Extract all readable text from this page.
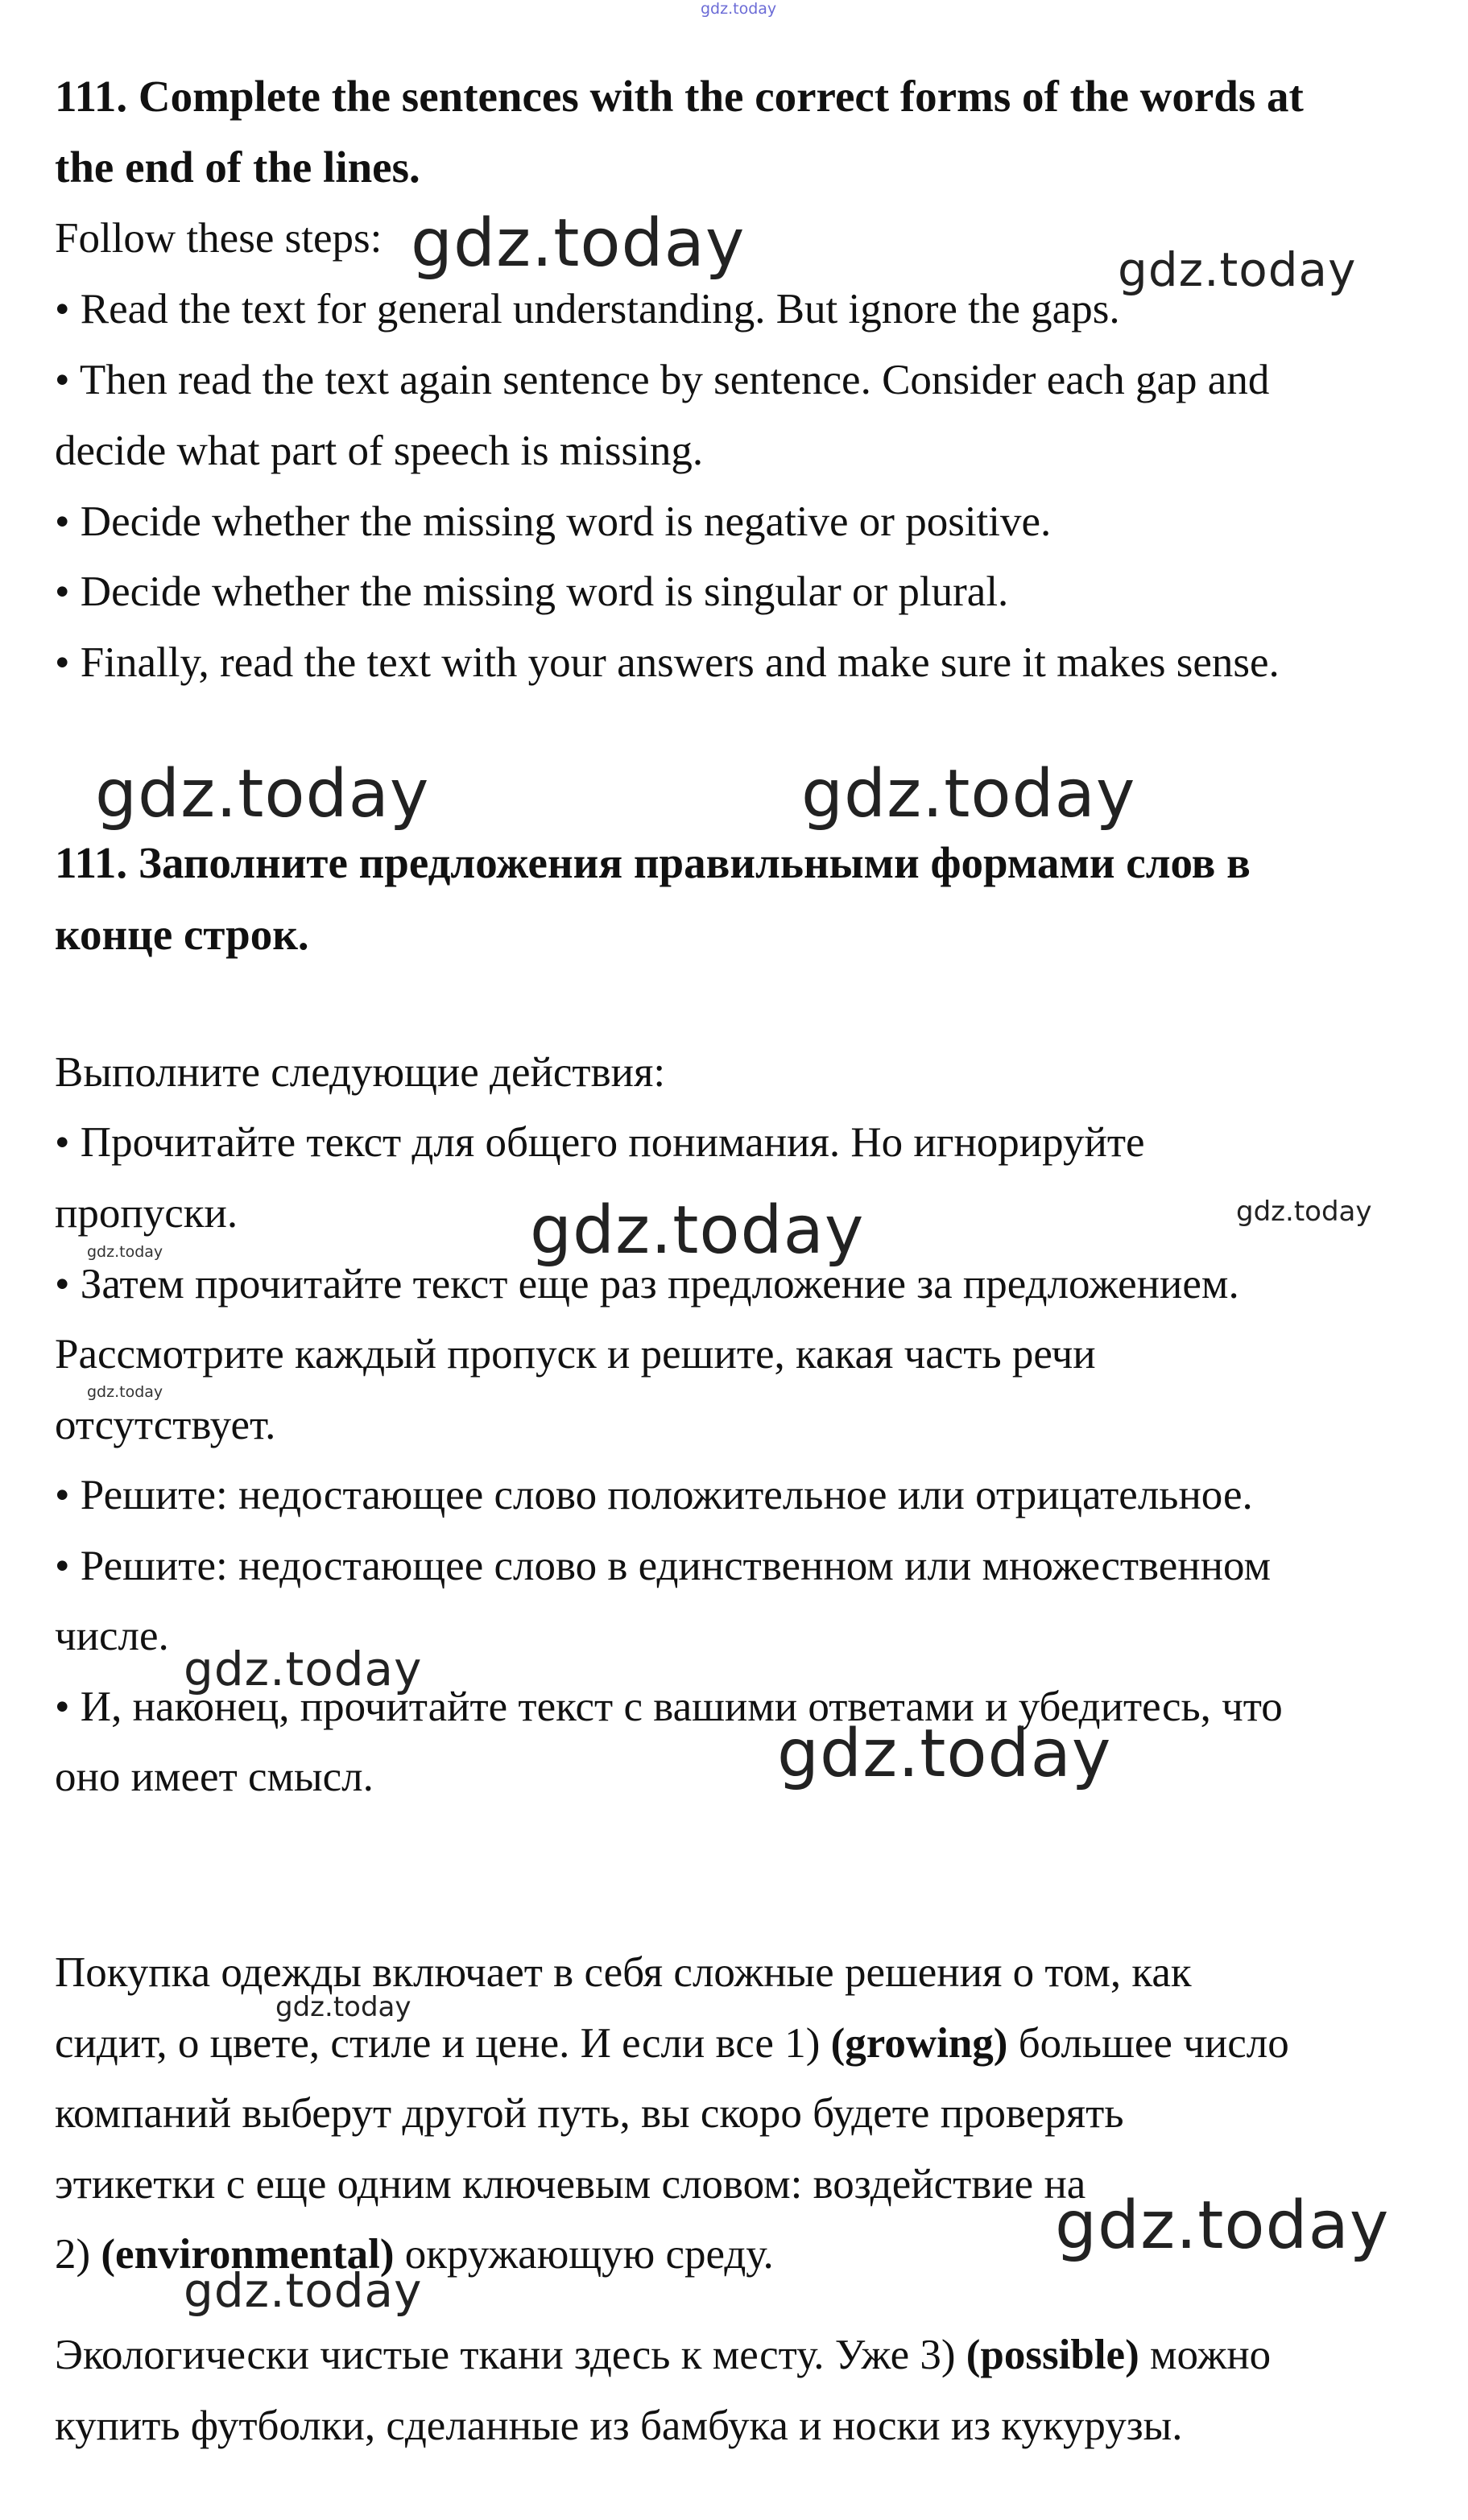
111. Complete the sentences with the correct forms of the words at

the end of the lines.

Follow these steps:

• Read the text for general understanding. But ignore the gaps.

• Then read the text again sentence by sentence. Consider each gap and

decide what part of speech is missing.

• Decide whether the missing word is negative or positive.

• Decide whether the missing word is singular or plural.

• Finally, read the text with your answers and make sure it makes sense.

111. Заполните предложения правильными формами слов в

конце строк.

Выполните следующие действия:

• Прочитайте текст для общего понимания. Но игнорируйте

пропуски.

• Затем прочитайте текст еще раз предложение за предложением.

Рассмотрите каждый пропуск и решите, какая часть речи

отсутствует.

• Решите: недостающее слово положительное или отрицательное.

• Решите: недостающее слово в единственном или множественном

числе.

• И, наконец, прочитайте текст с вашими ответами и убедитесь, что

оно имеет смысл.

Покупка одежды включает в себя сложные решения о том, как

сидит, о цвете, стиле и цене. И если все 1) (growing) большее число

компаний выберут другой путь, вы скоро будете проверять

этикетки с еще одним ключевым словом: воздействие на

2) (environmental) окружающую среду.

Экологически чистые ткани здесь к месту. Уже 3) (possible) можно

купить футболки, сделанные из бамбука и носки из кукурузы.

gdz.today
gdz.today	gdz.today
gdz.today	gdz.today
gdz.today	gdz.today
gdz.today
gdz.today
gdz.today
gdz.today
gdz.today
gdz.today
gdz.today
